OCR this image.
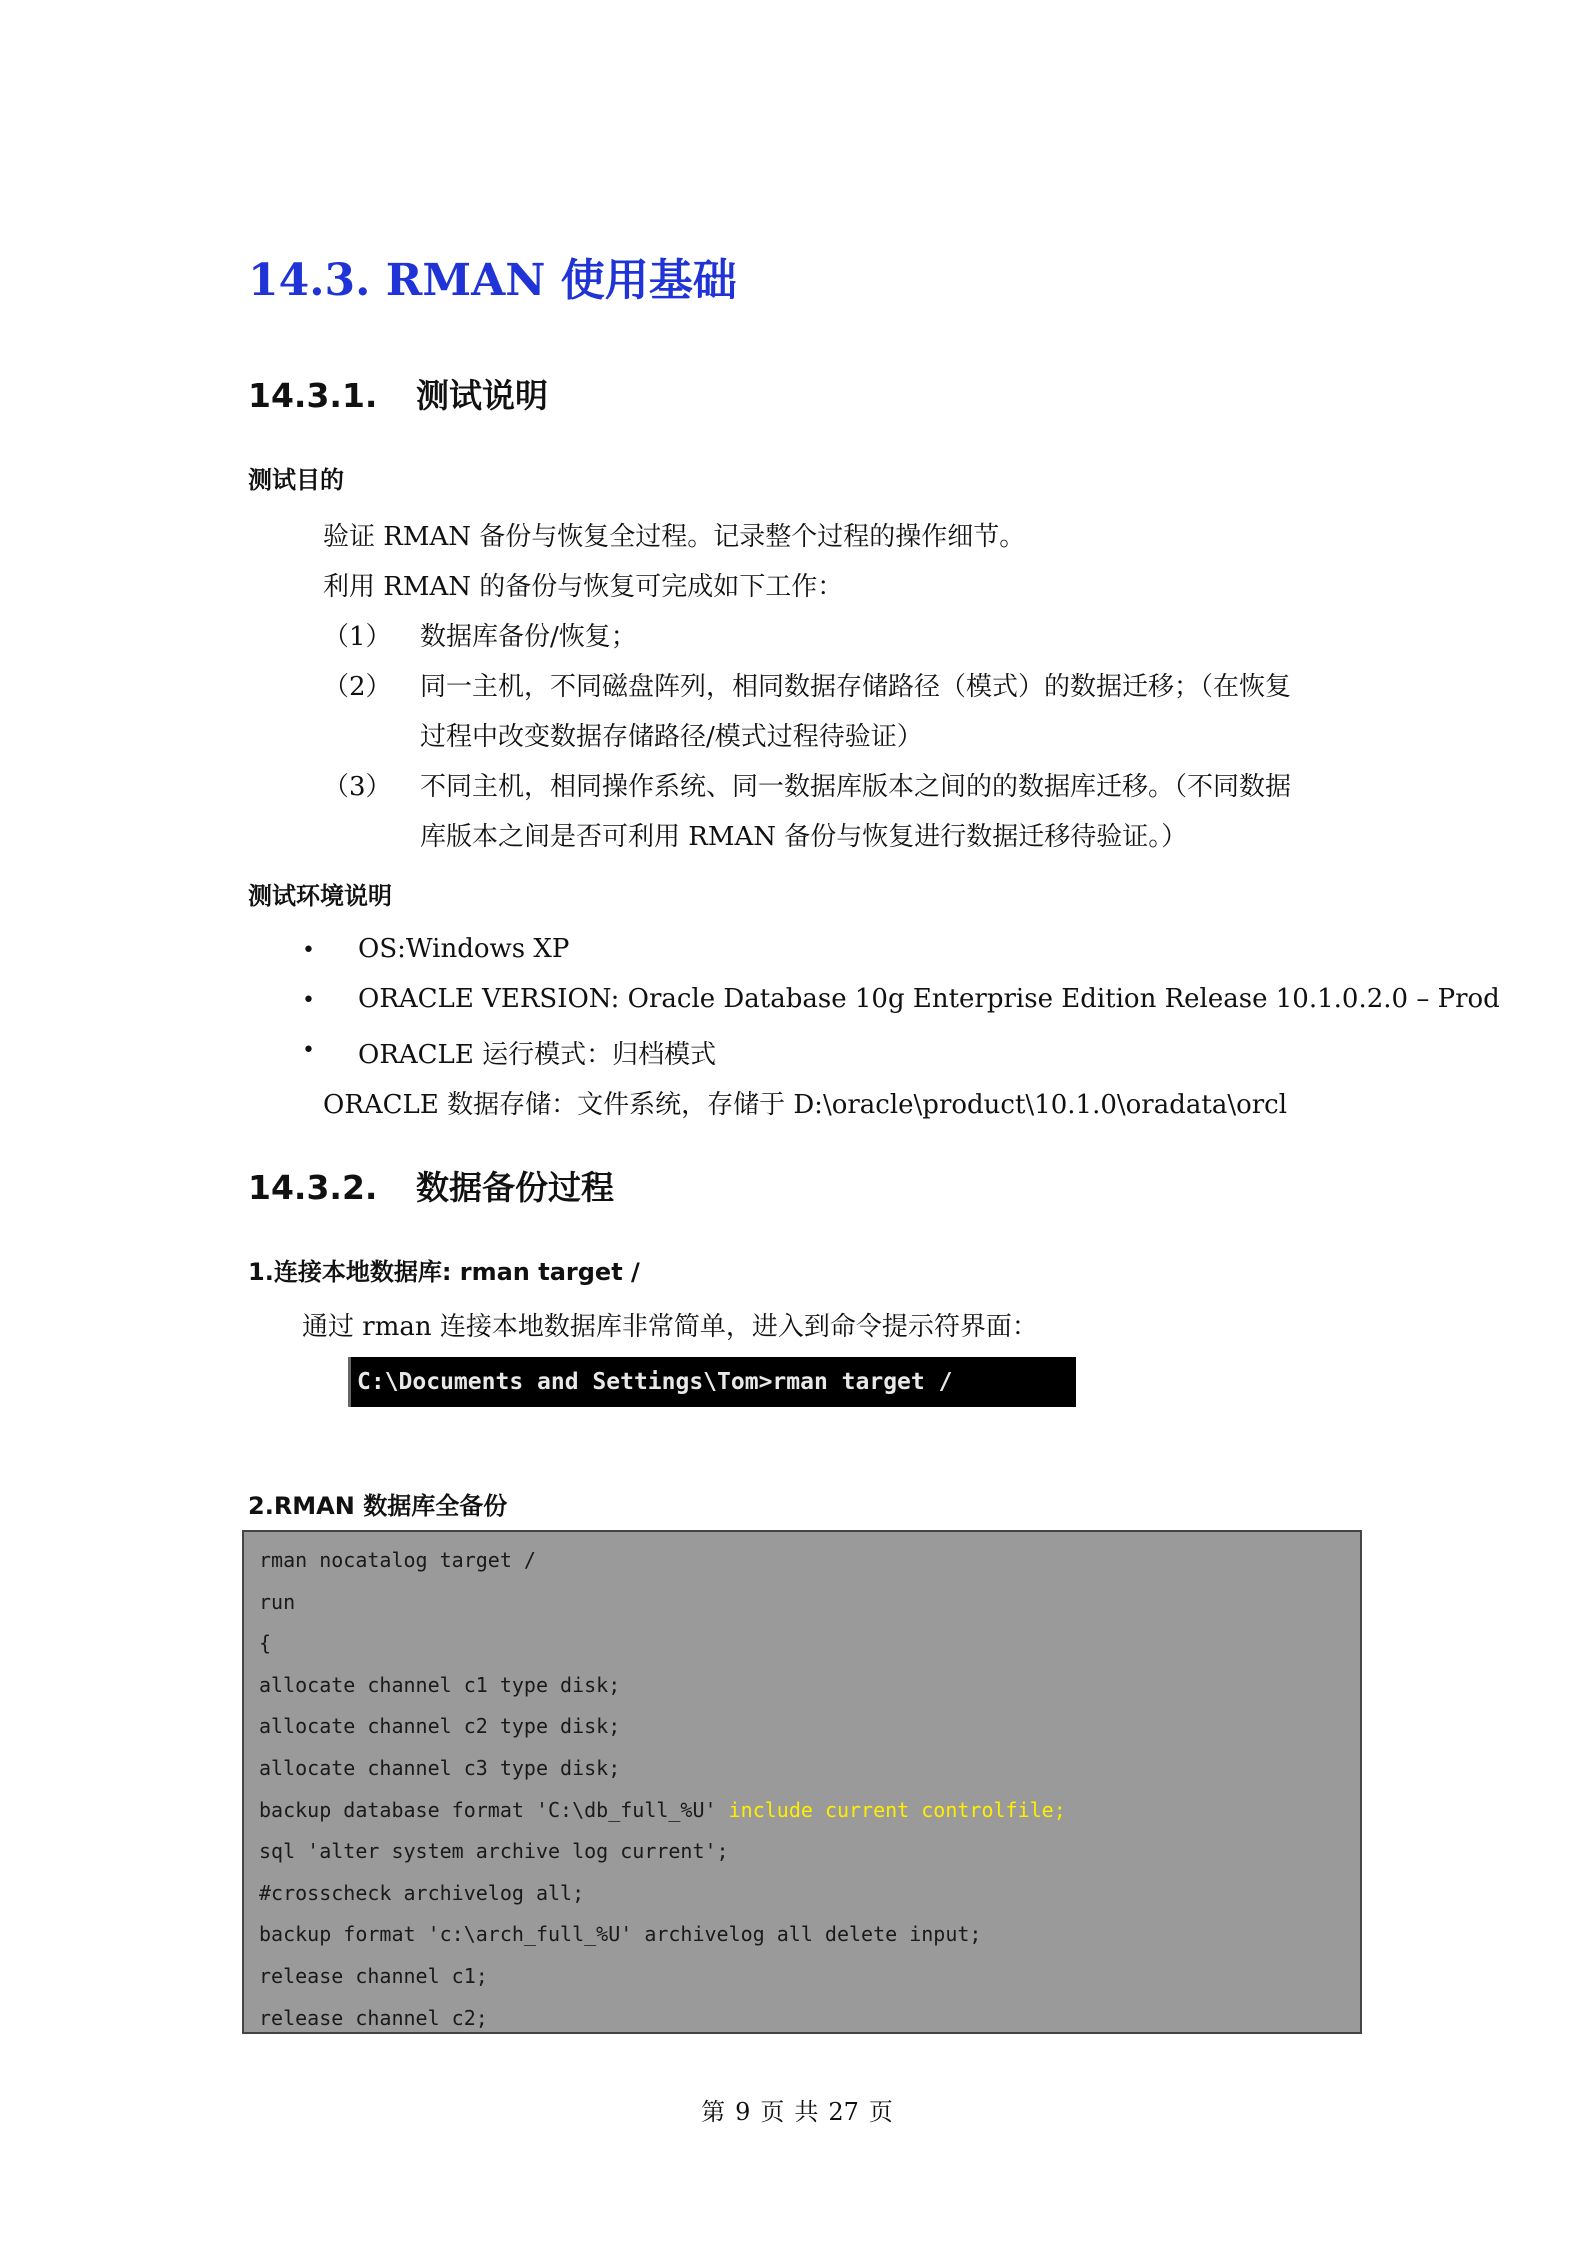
14.3. RMAN 使用基础
14.3.1. 测试说明
测试目的
验证 RMAN 备份与恢复全过程。记录整个过程的操作细节。
利用 RMAN 的备份与恢复可完成如下工作：
（1） 数据库备份/恢复；
（2） 同一主机，不同磁盘阵列，相同数据存储路径（模式）的数据迁移；（在恢复
过程中改变数据存储路径/模式过程待验证）
（3） 不同主机，相同操作系统、同一数据库版本之间的的数据库迁移。（不同数据
库版本之间是否可利用 RMAN 备份与恢复进行数据迁移待验证。）
测试环境说明
• OS:Windows XP
• ORACLE VERSION: Oracle Database 10g Enterprise Edition Release 10.1.0.2.0 – Prod
• ORACLE 运行模式：归档模式
ORACLE 数据存储：文件系统，存储于 D:\oracle\product\10.1.0\oradata\orcl
14.3.2. 数据备份过程
1.连接本地数据库: rman target /
通过 rman 连接本地数据库非常简单，进入到命令提示符界面：
C:\Documents and Settings\Tom>rman target /
2.RMAN 数据库全备份
rman nocatalog target /
run
{
allocate channel c1 type disk;
allocate channel c2 type disk;
allocate channel c3 type disk;
backup database format 'C:\db_full_%U' include current controlfile;
sql 'alter system archive log current';
#crosscheck archivelog all;
backup format 'c:\arch_full_%U' archivelog all delete input;
release channel c1;
release channel c2;
第 9 页 共 27 页
